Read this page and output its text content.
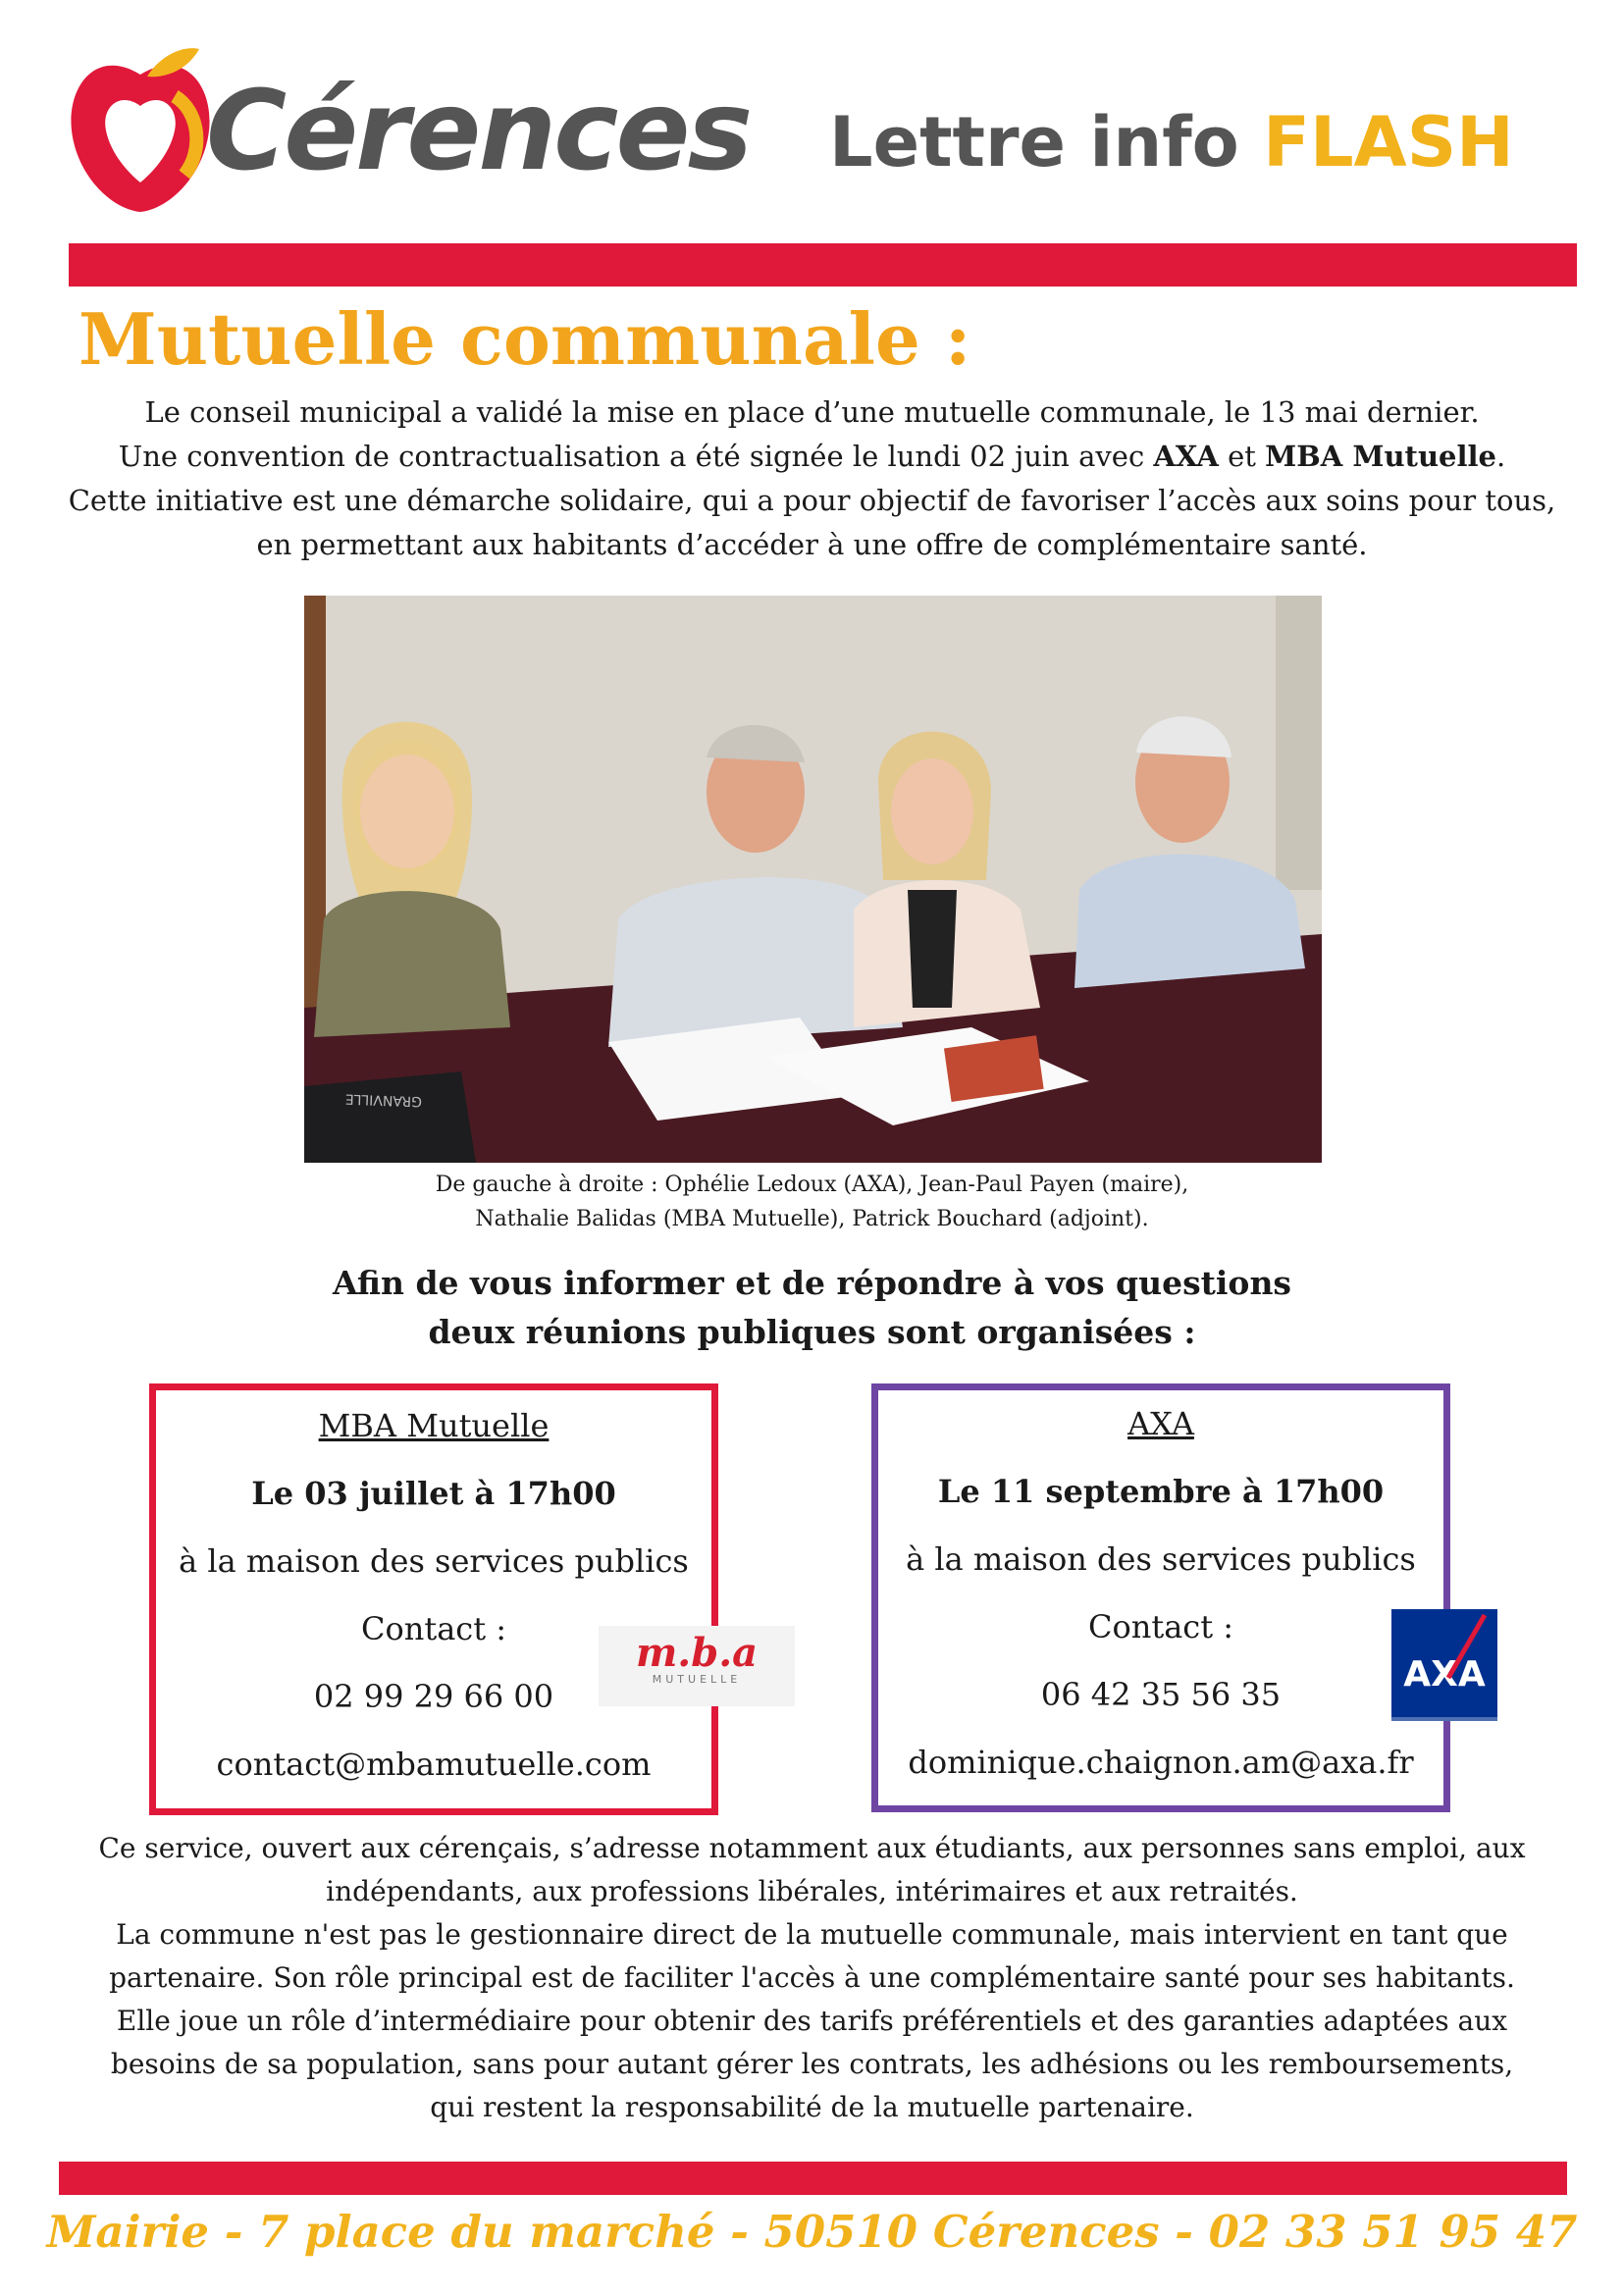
Cérences Lettre info FLASH
Mutuelle communale :

Le conseil municipal a validé la mise en place d’une mutuelle communale, le 13 mai dernier.

Une convention de contractualisation a été signée le lundi 02 juin avec AXA et MBA Mutuelle.

Cette initiative est une démarche solidaire, qui a pour objectif de favoriser l’accès aux soins pour tous,

en permettant aux habitants d’accéder à une offre de complémentaire santé.

GRANVILLE
AXA

De gauche à droite : Ophélie Ledoux (AXA), Jean-Paul Payen (maire),

Nathalie Balidas (MBA Mutuelle), Patrick Bouchard (adjoint).

Afin de vous informer et de répondre à vos questions

deux réunions publiques sont organisées :

MBA Mutuelle
Le 03 juillet à 17h00
à la maison des services publics
Contact :
02 99 29 66 00
contact@mbamutuelle.com
m.b.a
MUTUELLE
AXA
Le 11 septembre à 17h00
à la maison des services publics
Contact :
06 42 35 56 35
dominique.chaignon.am@axa.fr
AXA

Ce service, ouvert aux cérençais, s’adresse notamment aux étudiants, aux personnes sans emploi, aux

indépendants, aux professions libérales, intérimaires et aux retraités.

La commune n'est pas le gestionnaire direct de la mutuelle communale, mais intervient en tant que

partenaire. Son rôle principal est de faciliter l'accès à une complémentaire santé pour ses habitants.

Elle joue un rôle d’intermédiaire pour obtenir des tarifs préférentiels et des garanties adaptées aux

besoins de sa population, sans pour autant gérer les contrats, les adhésions ou les remboursements,

qui restent la responsabilité de la mutuelle partenaire.

Mairie - 7 place du marché - 50510 Cérences - 02 33 51 95 47
